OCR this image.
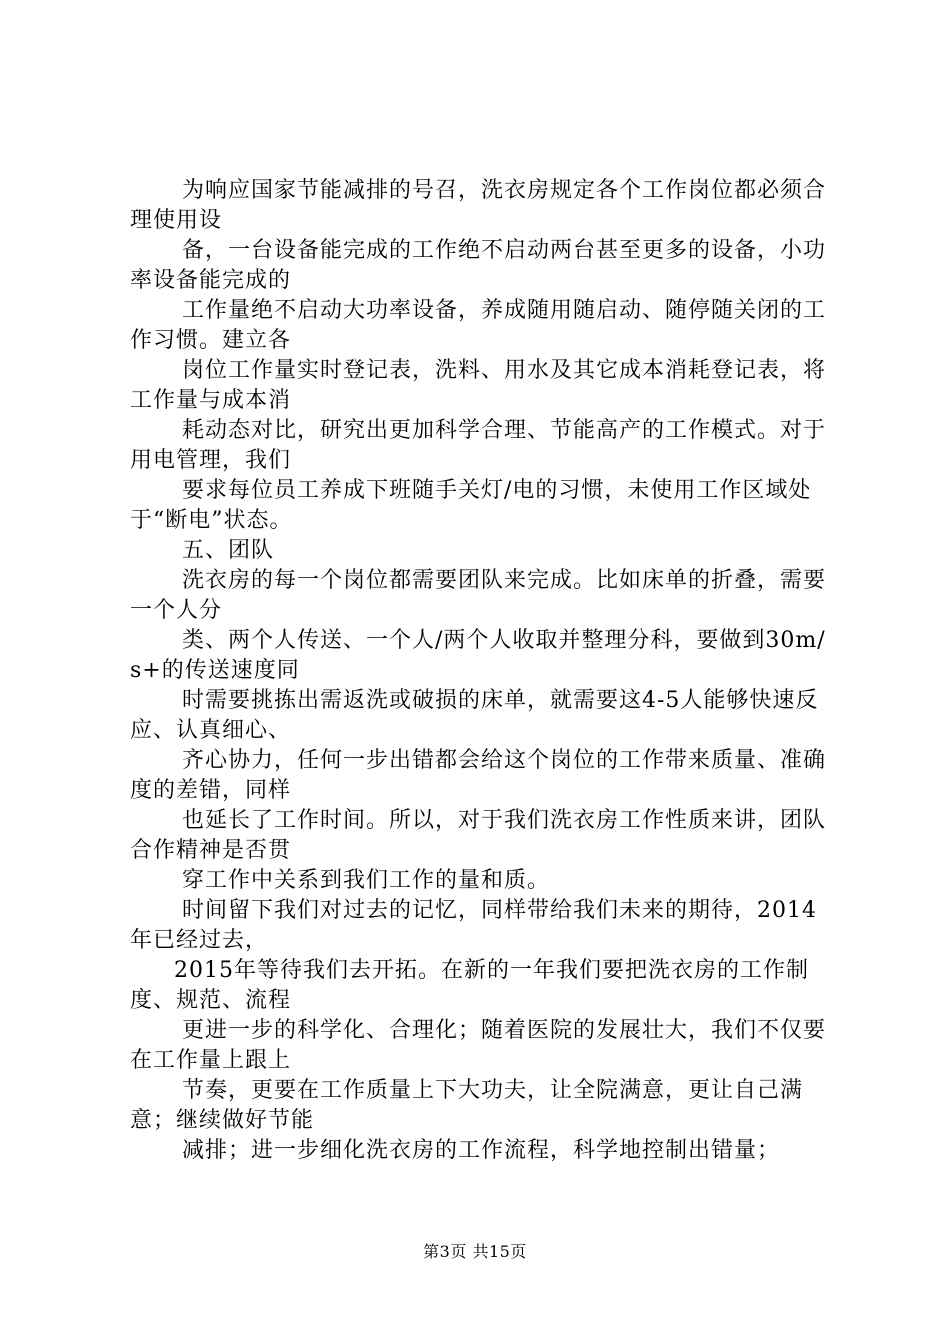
为响应国家节能减排的号召，洗衣房规定各个工作岗位都必须合理使用设

备，一台设备能完成的工作绝不启动两台甚至更多的设备，小功率设备能完成的

工作量绝不启动大功率设备，养成随用随启动、随停随关闭的工作习惯。建立各

岗位工作量实时登记表，洗料、用水及其它成本消耗登记表，将工作量与成本消

耗动态对比，研究出更加科学合理、节能高产的工作模式。对于用电管理，我们

要求每位员工养成下班随手关灯/电的习惯，未使用工作区域处于“断电”状态。

五、团队

洗衣房的每一个岗位都需要团队来完成。比如床单的折叠，需要一个人分

类、两个人传送、一个人/两个人收取并整理分科，要做到30m/s+的传送速度同

时需要挑拣出需返洗或破损的床单，就需要这4-5人能够快速反应、认真细心、

齐心协力，任何一步出错都会给这个岗位的工作带来质量、准确度的差错，同样

也延长了工作时间。所以，对于我们洗衣房工作性质来讲，团队合作精神是否贯

穿工作中关系到我们工作的量和质。

时间留下我们对过去的记忆，同样带给我们未来的期待，2014年已经过去，

2015年等待我们去开拓。在新的一年我们要把洗衣房的工作制度、规范、流程

更进一步的科学化、合理化；随着医院的发展壮大，我们不仅要在工作量上跟上

节奏，更要在工作质量上下大功夫，让全院满意，更让自己满意；继续做好节能

减排；进一步细化洗衣房的工作流程，科学地控制出错量；

第3页 共15页
